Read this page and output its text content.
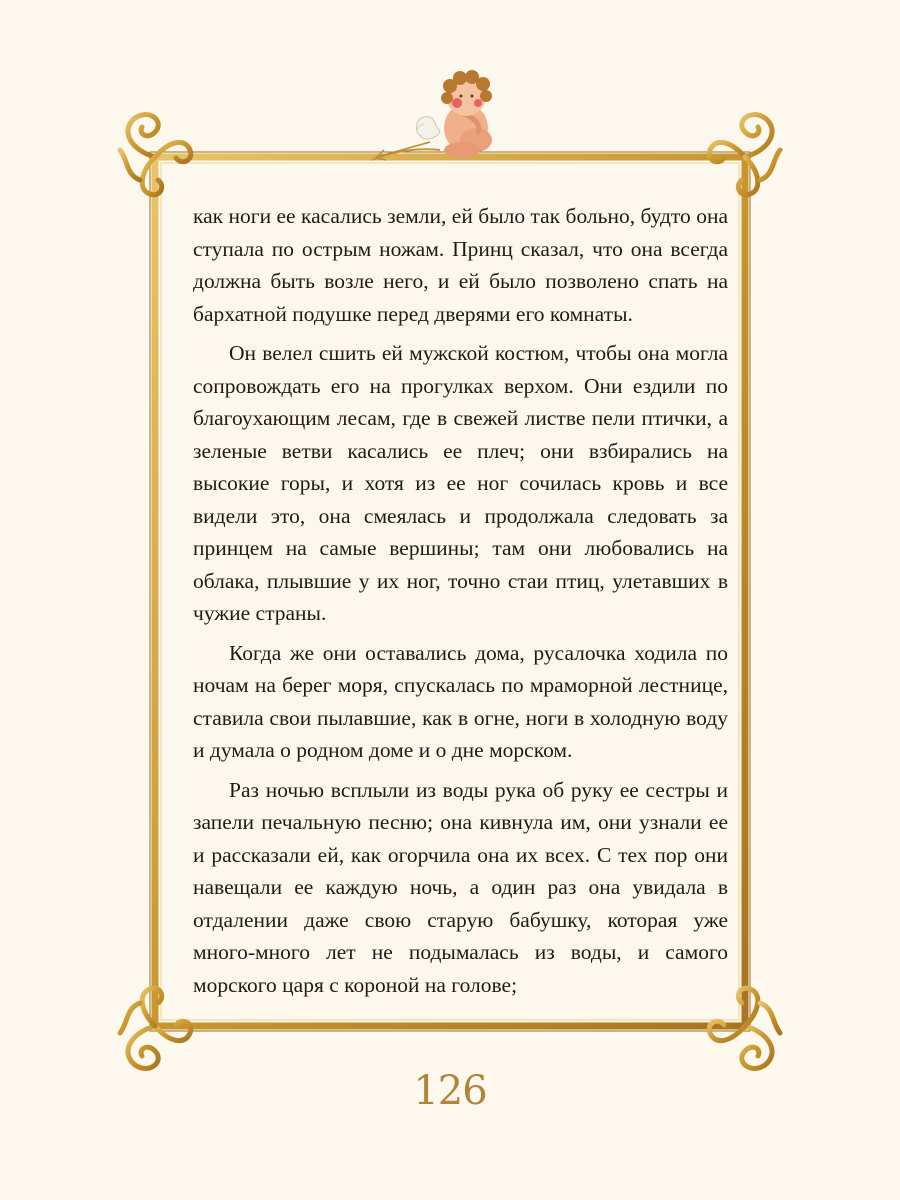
как ноги ее касались земли, ей было так больно, будто она ступала по острым ножам. Принц сказал, что она всегда должна быть возле него, и ей было позволено спать на бархатной подушке перед дверями его комнаты.

Он велел сшить ей мужской костюм, чтобы она могла сопровождать его на прогулках верхом. Они ездили по благоухающим лесам, где в свежей листве пели птички, а зеленые ветви касались ее плеч; они взбирались на высокие горы, и хотя из ее ног сочилась кровь и все видели это, она смеялась и продолжала следовать за принцем на самые вершины; там они любовались на облака, плывшие у их ног, точно стаи птиц, улетавших в чужие страны.

Когда же они оставались дома, русалочка ходила по ночам на берег моря, спускалась по мраморной лестнице, ставила свои пылавшие, как в огне, ноги в холодную воду и думала о родном доме и о дне морском.

Раз ночью всплыли из воды рука об руку ее сестры и запели печальную песню; она кивнула им, они узнали ее и рассказали ей, как огорчила она их всех. С тех пор они навещали ее каждую ночь, а один раз она увидала в отдалении даже свою старую бабушку, которая уже много-много лет не подымалась из воды, и самого морского царя с короной на голове;

126
